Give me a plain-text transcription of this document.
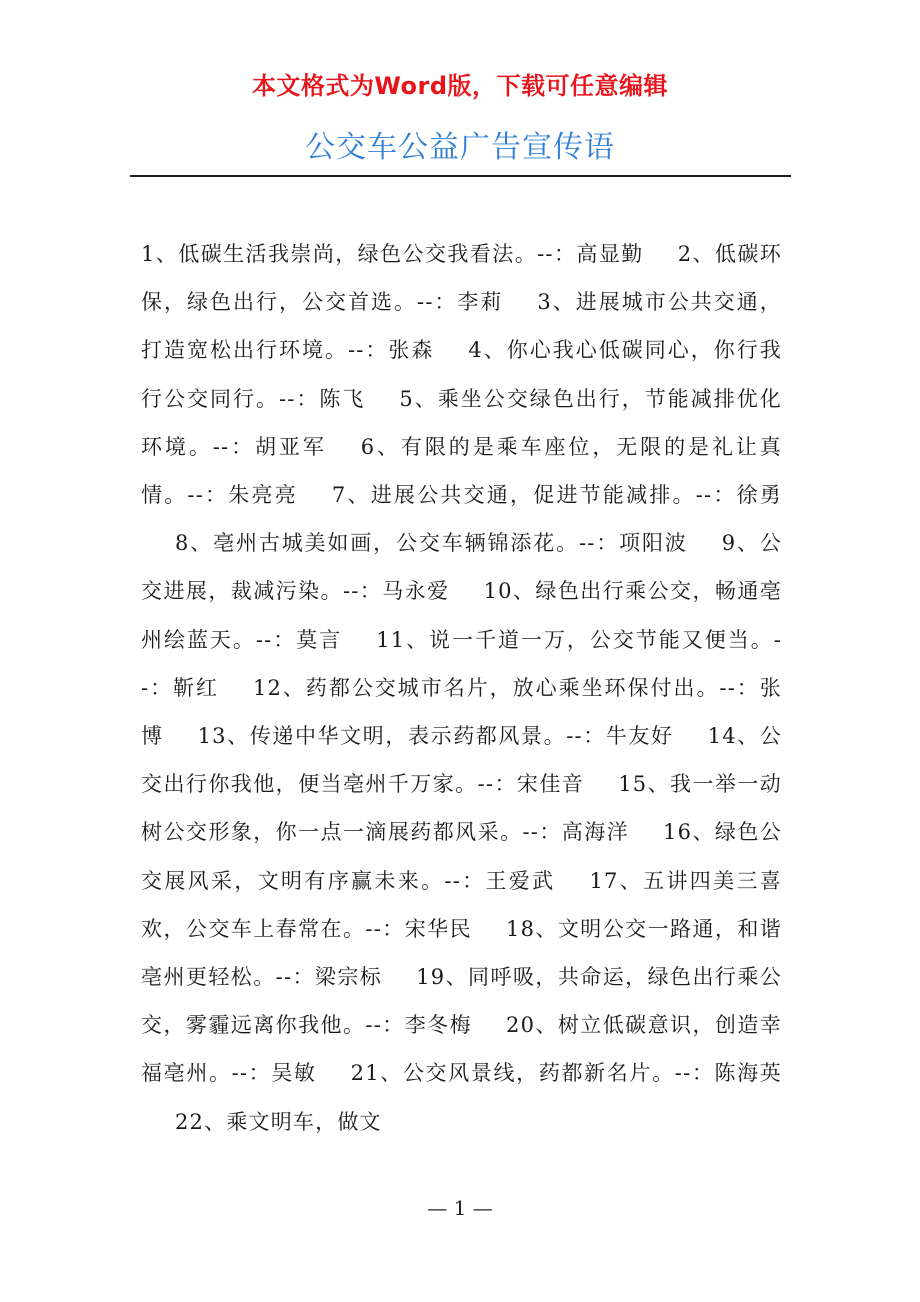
本文格式为Word版，下载可任意编辑
公交车公益广告宣传语
1、低碳生活我崇尚，绿色公交我看法。--：高显勤 2、低碳环保，绿色出行，公交首选。--：李莉 3、进展城市公共交通，打造宽松出行环境。--：张森 4、你心我心低碳同心，你行我行公交同行。--：陈飞 5、乘坐公交绿色出行，节能减排优化环境。--：胡亚军 6、有限的是乘车座位，无限的是礼让真情。--：朱亮亮 7、进展公共交通，促进节能减排。--：徐勇8、亳州古城美如画，公交车辆锦添花。--：项阳波 9、公交进展，裁减污染。--：马永爱 10、绿色出行乘公交，畅通亳州绘蓝天。--：莫言 11、说一千道一万，公交节能又便当。--：靳红 12、药都公交城市名片，放心乘坐环保付出。--：张博 13、传递中华文明，表示药都风景。--：牛友好 14、公交出行你我他，便当亳州千万家。--：宋佳音 15、我一举一动树公交形象，你一点一滴展药都风采。--：高海洋 16、绿色公交展风采，文明有序赢未来。--：王爱武 17、五讲四美三喜欢，公交车上春常在。--：宋华民 18、文明公交一路通，和谐亳州更轻松。--：梁宗标 19、同呼吸，共命运，绿色出行乘公交，雾霾远离你我他。--：李冬梅 20、树立低碳意识，创造幸福亳州。--：吴敏 21、公交风景线，药都新名片。--：陈海英22、乘文明车，做文
— 1 —
